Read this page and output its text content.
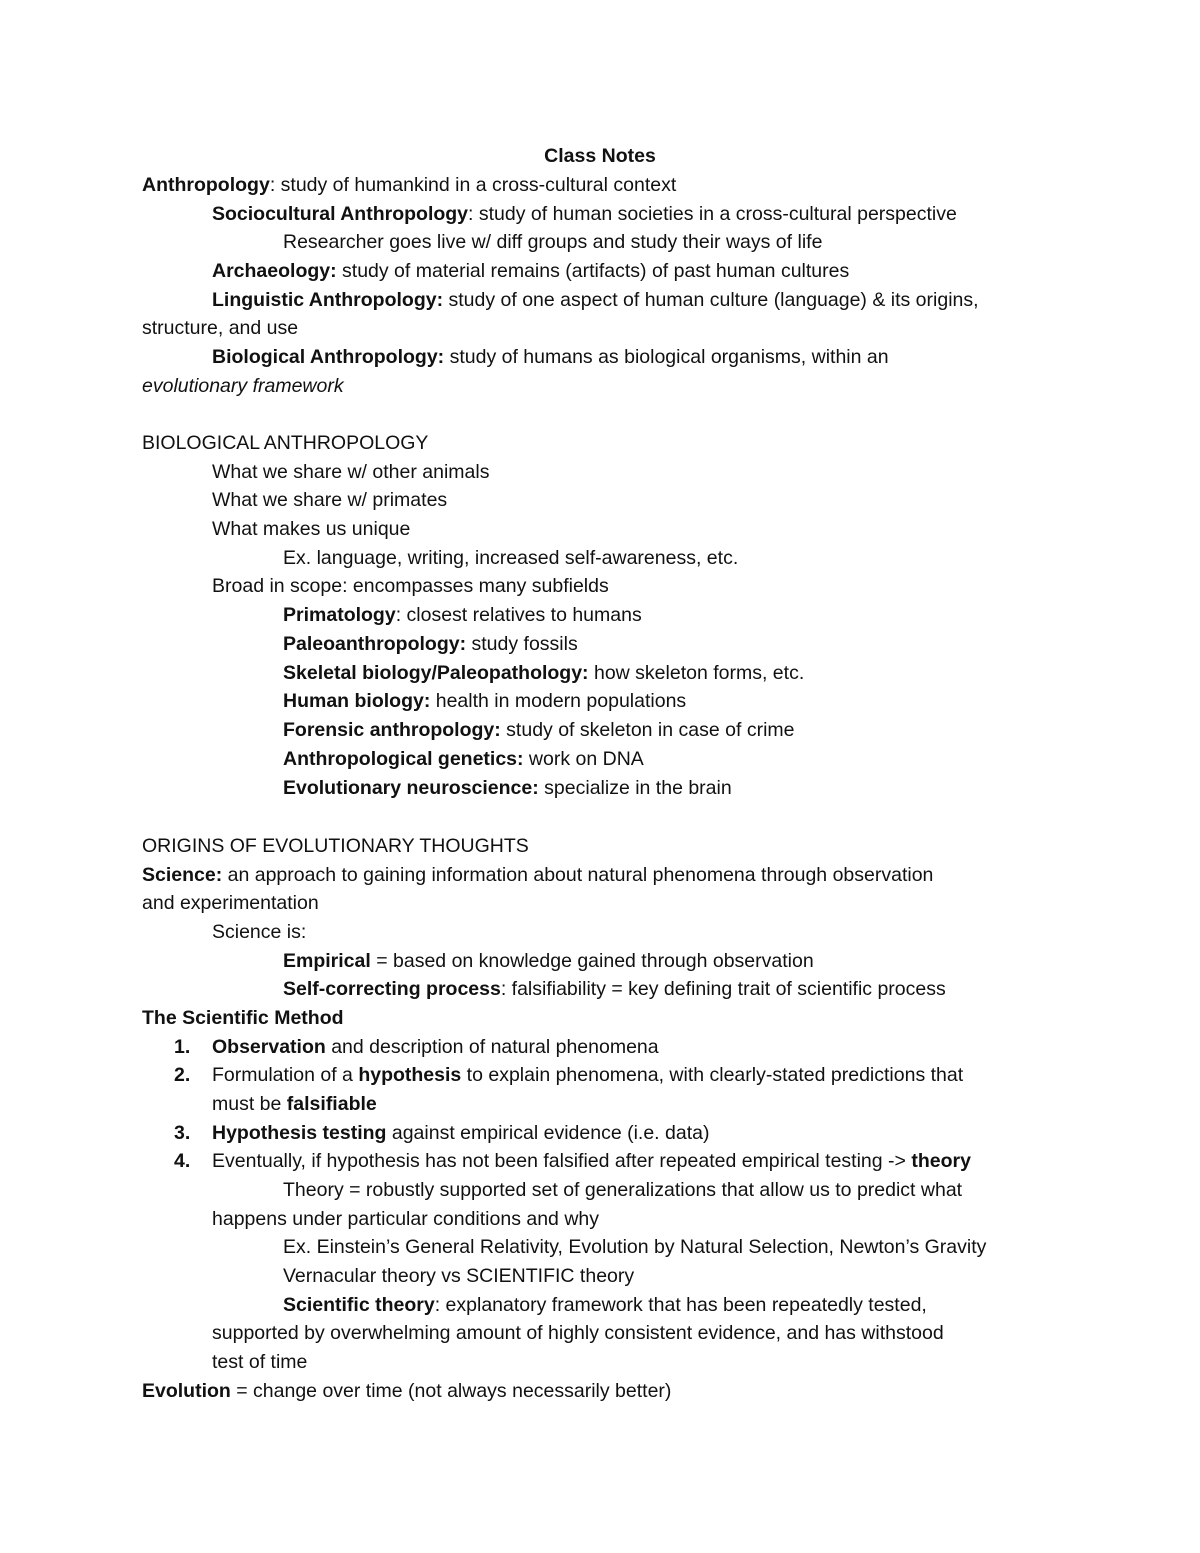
Class Notes
Anthropology: study of humankind in a cross-cultural context
Sociocultural Anthropology: study of human societies in a cross-cultural perspective
Researcher goes live w/ diff groups and study their ways of life
Archaeology: study of material remains (artifacts) of past human cultures
Linguistic Anthropology: study of one aspect of human culture (language) & its origins,
structure, and use
Biological Anthropology: study of humans as biological organisms, within an
evolutionary framework
BIOLOGICAL ANTHROPOLOGY
What we share w/ other animals
What we share w/ primates
What makes us unique
Ex. language, writing, increased self-awareness, etc.
Broad in scope: encompasses many subfields
Primatology: closest relatives to humans
Paleoanthropology: study fossils
Skeletal biology/Paleopathology: how skeleton forms, etc.
Human biology: health in modern populations
Forensic anthropology: study of skeleton in case of crime
Anthropological genetics: work on DNA
Evolutionary neuroscience: specialize in the brain
ORIGINS OF EVOLUTIONARY THOUGHTS
Science: an approach to gaining information about natural phenomena through observation
and experimentation
Science is:
Empirical = based on knowledge gained through observation
Self-correcting process: falsifiability = key defining trait of scientific process
The Scientific Method
1. Observation and description of natural phenomena
2. Formulation of a hypothesis to explain phenomena, with clearly-stated predictions that
must be falsifiable
3. Hypothesis testing against empirical evidence (i.e. data)
4. Eventually, if hypothesis has not been falsified after repeated empirical testing -> theory
Theory = robustly supported set of generalizations that allow us to predict what
happens under particular conditions and why
Ex. Einstein’s General Relativity, Evolution by Natural Selection, Newton’s Gravity
Vernacular theory vs SCIENTIFIC theory
Scientific theory: explanatory framework that has been repeatedly tested,
supported by overwhelming amount of highly consistent evidence, and has withstood
test of time
Evolution = change over time (not always necessarily better)
